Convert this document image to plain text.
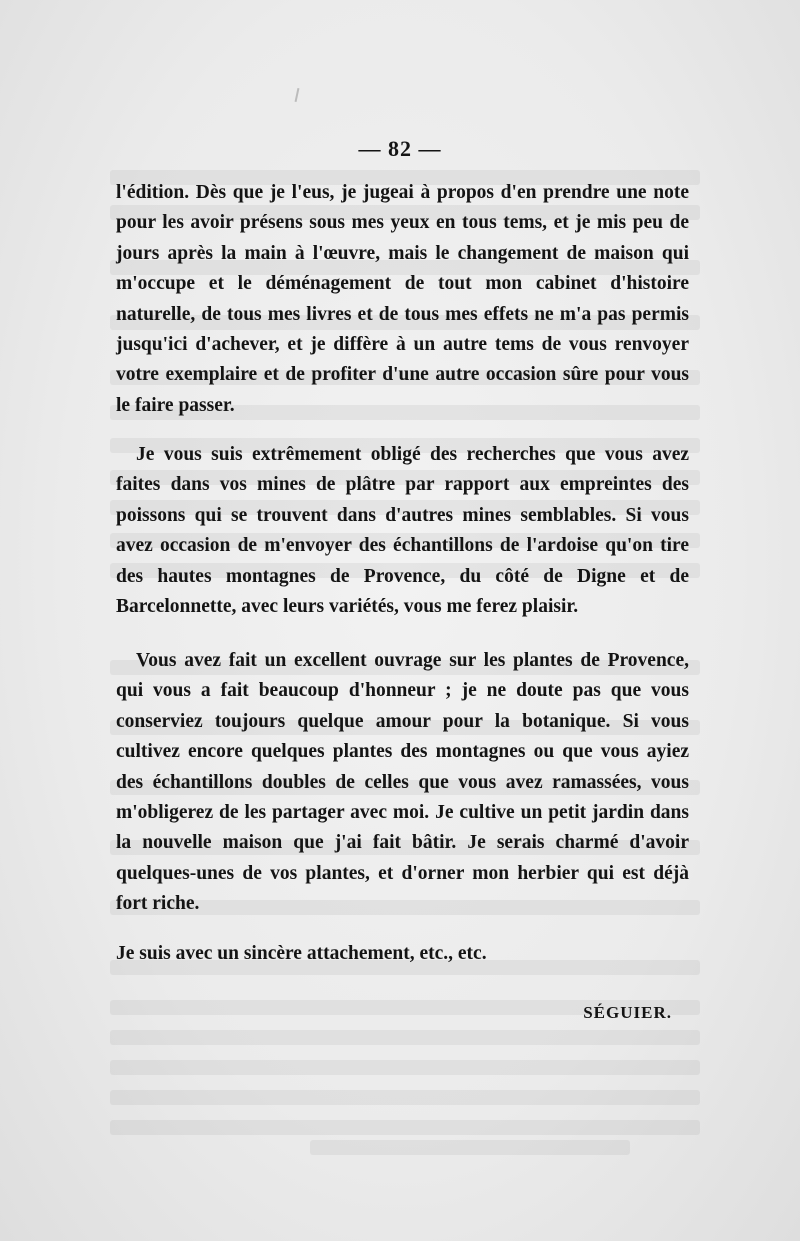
— 82 —

l'édition. Dès que je l'eus, je jugeai à propos d'en prendre une note pour les avoir présens sous mes yeux en tous tems, et je mis peu de jours après la main à l'œuvre, mais le changement de maison qui m'occupe et le déménagement de tout mon cabinet d'histoire naturelle, de tous mes livres et de tous mes effets ne m'a pas permis jusqu'ici d'achever, et je diffère à un autre tems de vous renvoyer votre exemplaire et de profiter d'une autre occasion sûre pour vous le faire passer.

Je vous suis extrêmement obligé des recherches que vous avez faites dans vos mines de plâtre par rapport aux empreintes des poissons qui se trouvent dans d'autres mines semblables. Si vous avez occasion de m'envoyer des échantillons de l'ardoise qu'on tire des hautes montagnes de Provence, du côté de Digne et de Barcelonnette, avec leurs variétés, vous me ferez plaisir.

Vous avez fait un excellent ouvrage sur les plantes de Provence, qui vous a fait beaucoup d'honneur ; je ne doute pas que vous conserviez toujours quelque amour pour la botanique. Si vous cultivez encore quelques plantes des montagnes ou que vous ayiez des échantillons doubles de celles que vous avez ramassées, vous m'obligerez de les partager avec moi. Je cultive un petit jardin dans la nouvelle maison que j'ai fait bâtir. Je serais charmé d'avoir quelques-unes de vos plantes, et d'orner mon herbier qui est déjà fort riche.

Je suis avec un sincère attachement, etc., etc.

SÉGUIER.
